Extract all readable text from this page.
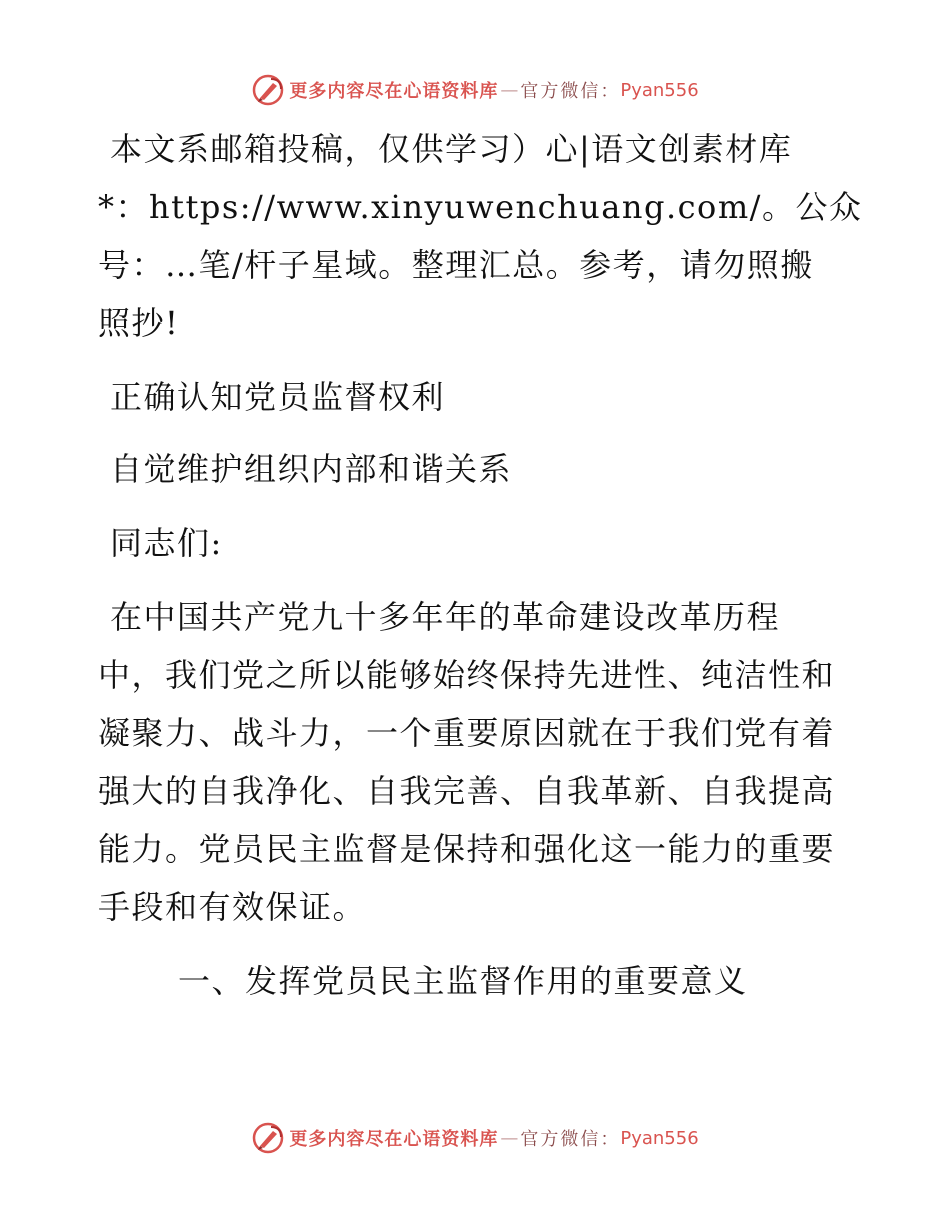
更多内容尽在心语资料库 — 官方微信： Pyan556
本文系邮箱投稿，仅供学习）心|语文创素材库
*：https://www.xinyuwenchuang.com/。公众
号：…笔/杆子星域。整理汇总。参考，请勿照搬
照抄!
正确认知党员监督权利
自觉维护组织内部和谐关系
同志们:
在中国共产党九十多年年的革命建设改革历程
中，我们党之所以能够始终保持先进性、纯洁性和
凝聚力、战斗力，一个重要原因就在于我们党有着
强大的自我净化、自我完善、自我革新、自我提高
能力。党员民主监督是保持和强化这一能力的重要
手段和有效保证。
一、发挥党员民主监督作用的重要意义
更多内容尽在心语资料库 — 官方微信： Pyan556
